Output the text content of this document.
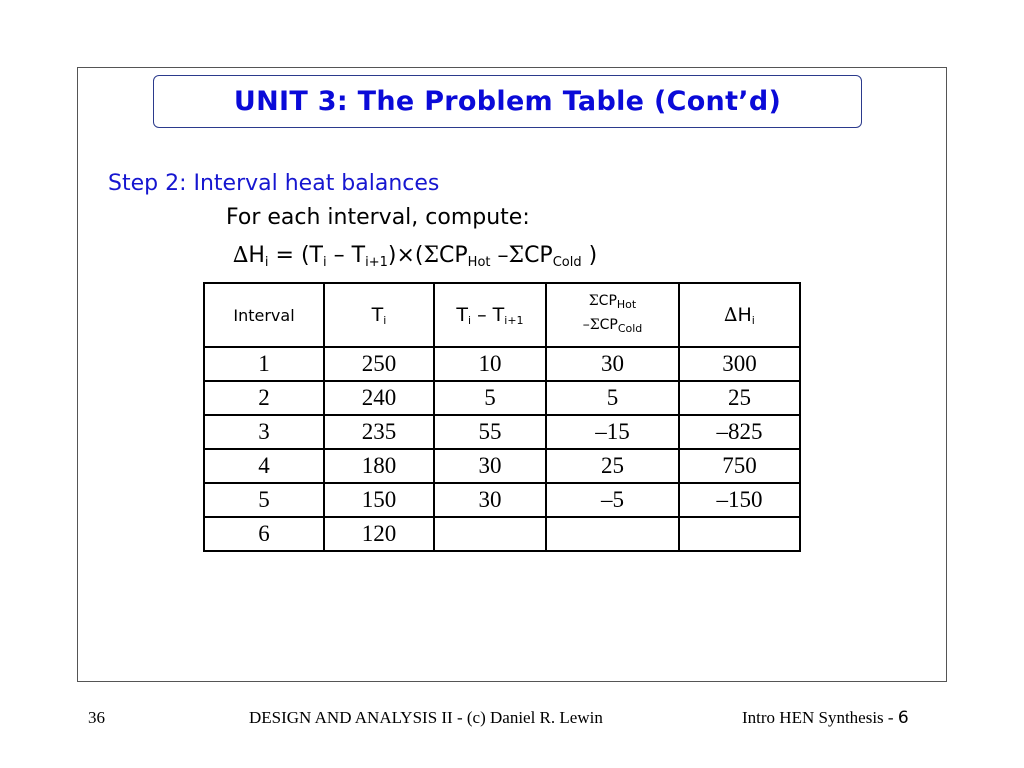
UNIT 3: The Problem Table (Cont’d)
Step 2: Interval heat balances
For each interval, compute:
$\Delta H_i = (T_i - T_{i+1})\times(\Sigma CP_{Hot}$ $-\Sigma CP_{Cold}$ )
Interval	$T_i$	$T_i - T_{i+1}$	$\Sigma CP_{Hot}$
$-\Sigma CP_{Cold}$	$\Delta H_i$
1	250	10	30	300
2	240	5	5	25
3	235	55	–15	–825
4	180	30	25	750
5	150	30	–5	–150
6	120			
36	DESIGN AND ANALYSIS II - (c) Daniel R. Lewin	Intro HEN Synthesis - 6
